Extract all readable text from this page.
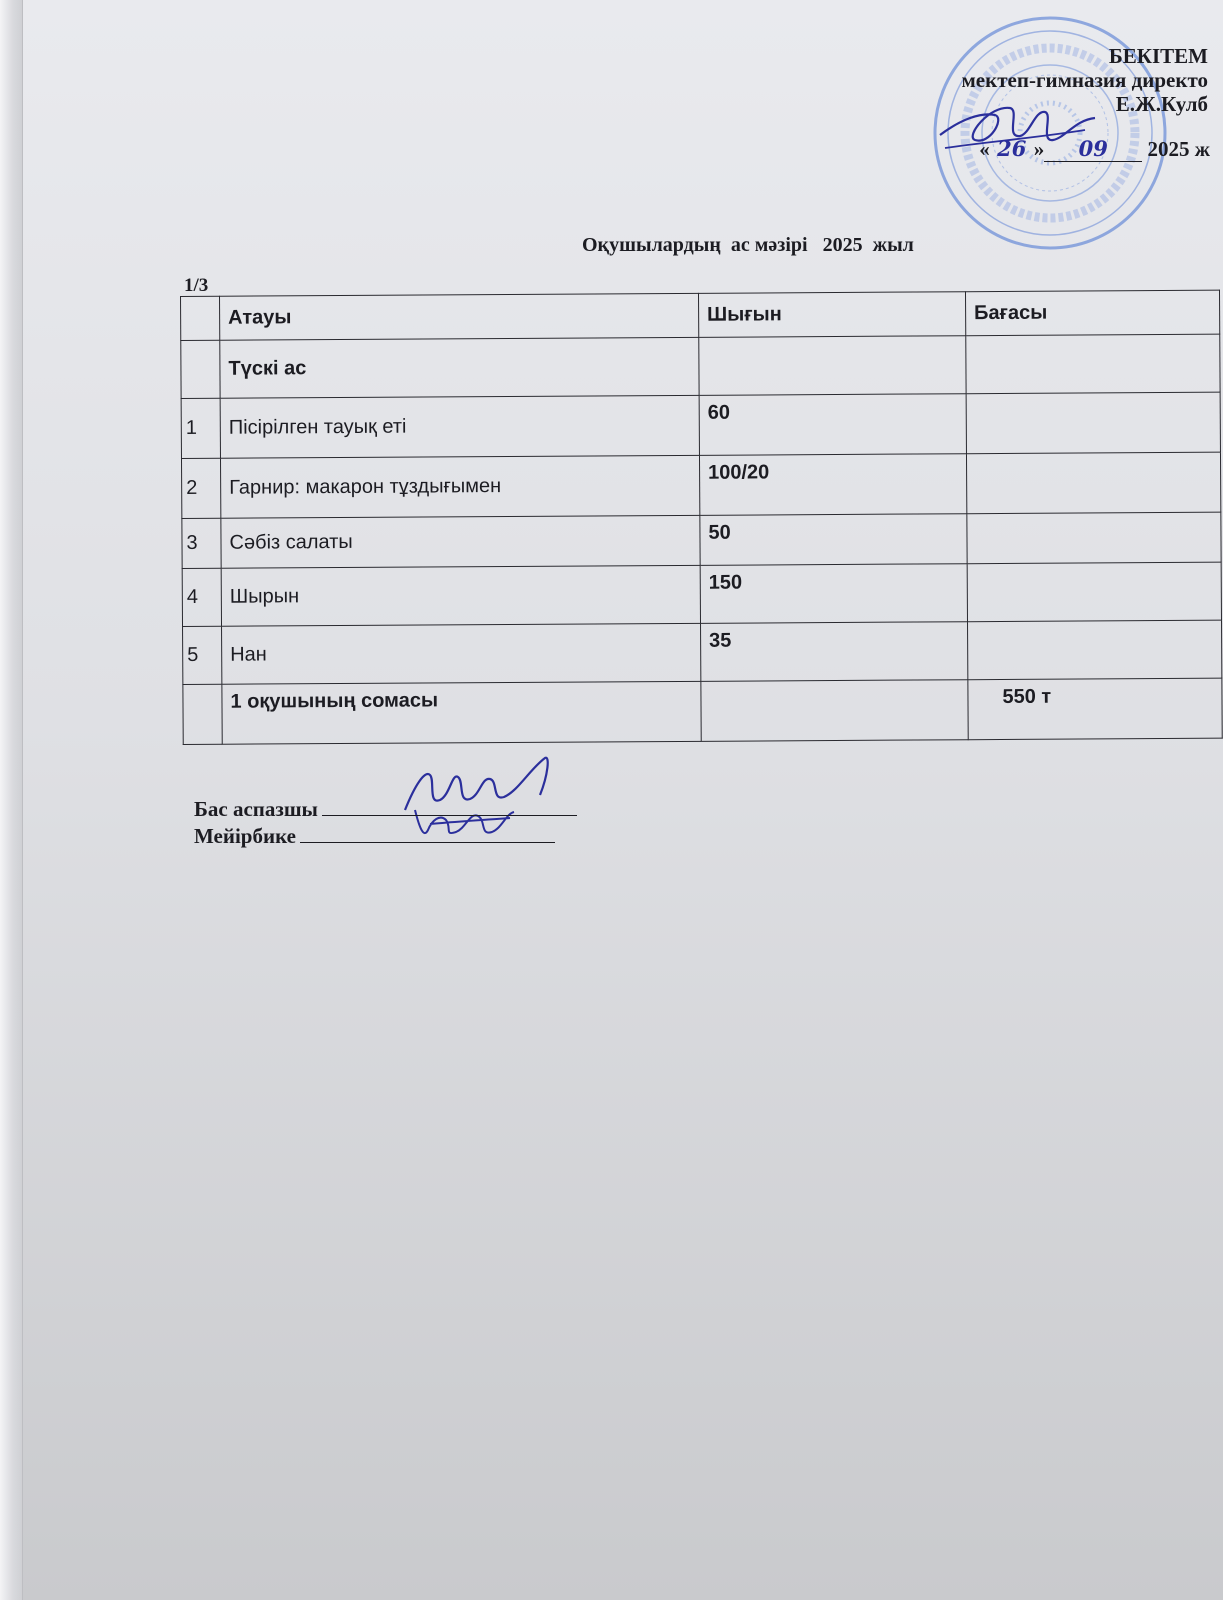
БЕКІТЕМ
мектеп-гимназия директо
Е.Ж.Кулб
« 26 » 09 2025 ж
Оқушылардың  ас мәзірі   2025  жыл
1/3
	Атауы	Шығын	Бағасы
	Түскі ас		
1	Пісірілген тауық еті	60	
2	Гарнир: макарон тұздығымен	100/20	
3	Сәбіз салаты	50	
4	Шырын	150	
5	Нан	35	
	1 оқушының сомасы		550 т
Бас аспазшы
Мейірбике
